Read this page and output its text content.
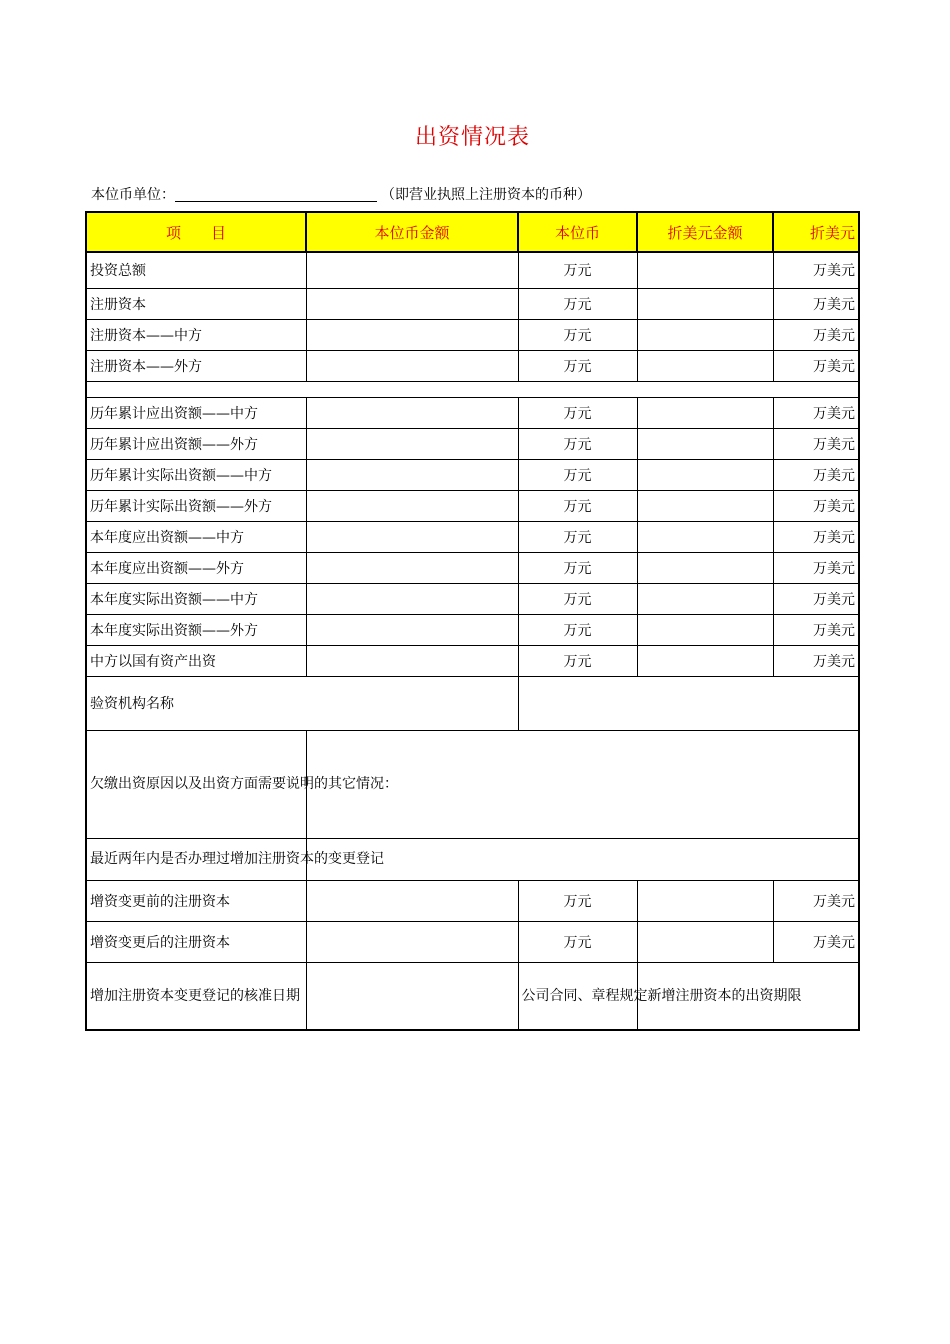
出资情况表
本位币单位：	（即营业执照上注册资本的币种）
项　　目	本位币金额	本位币	折美元金额	折美元
投资总额		万元		万美元
注册资本		万元		万美元
注册资本——中方		万元		万美元
注册资本——外方		万元		万美元

历年累计应出资额——中方		万元		万美元
历年累计应出资额——外方		万元		万美元
历年累计实际出资额——中方		万元		万美元
历年累计实际出资额——外方		万元		万美元
本年度应出资额——中方		万元		万美元
本年度应出资额——外方		万元		万美元
本年度实际出资额——中方		万元		万美元
本年度实际出资额——外方		万元		万美元
中方以国有资产出资		万元		万美元
验资机构名称				
欠缴出资原因以及出资方面需要说明的其它情况：				
最近两年内是否办理过增加注册资本的变更登记				
增资变更前的注册资本		万元		万美元
增资变更后的注册资本		万元		万美元
增加注册资本变更登记的核准日期		公司合同、章程规定新增注册资本的出资期限		
